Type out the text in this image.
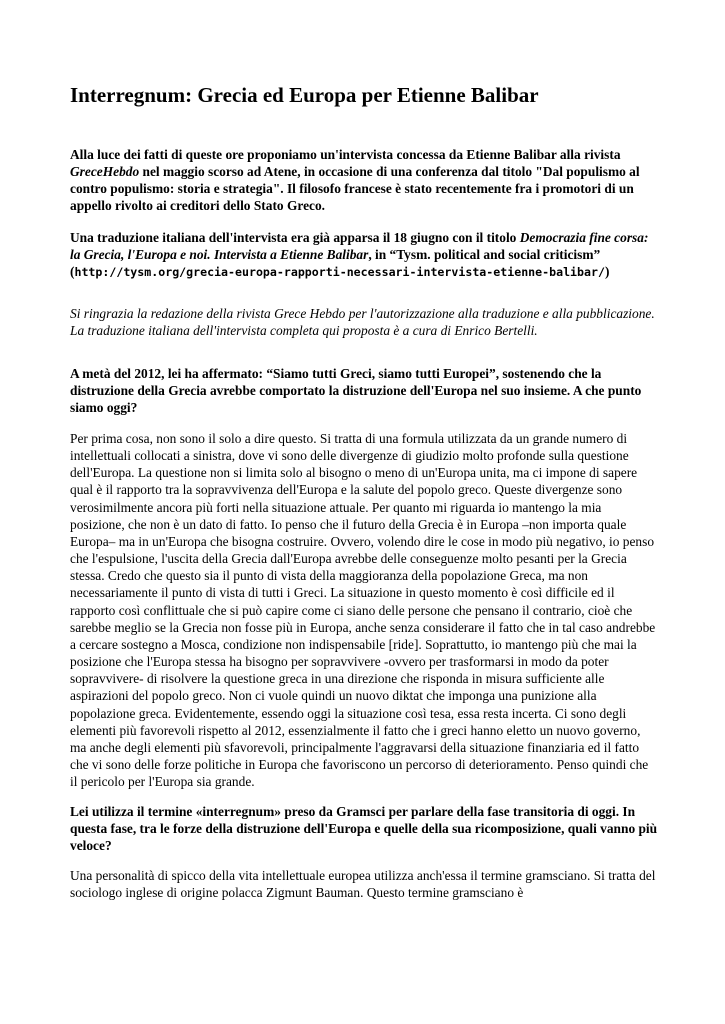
Interregnum: Grecia ed Europa per Etienne Balibar

Alla luce dei fatti di queste ore proponiamo un'intervista concessa da Etienne Balibar alla rivista GreceHebdo nel maggio scorso ad Atene, in occasione di una conferenza dal titolo "Dal populismo al contro populismo: storia e strategia". Il filosofo francese è stato recentemente fra i promotori di un appello rivolto ai creditori dello Stato Greco.

Una traduzione italiana dell'intervista era già apparsa il 18 giugno con il titolo Democrazia fine corsa: la Grecia, l'Europa e noi. Intervista a Etienne Balibar, in “Tysm. political and social criticism” (http://tysm.org/grecia-europa-rapporti-necessari-intervista-etienne-balibar/)

Si ringrazia la redazione della rivista Grece Hebdo per l'autorizzazione alla traduzione e alla pubblicazione. La traduzione italiana dell'intervista completa qui proposta è a cura di Enrico Bertelli.

A metà del 2012, lei ha affermato: “Siamo tutti Greci, siamo tutti Europei”, sostenendo che la distruzione della Grecia avrebbe comportato la distruzione dell'Europa nel suo insieme. A che punto siamo oggi?

Per prima cosa, non sono il solo a dire questo. Si tratta di una formula utilizzata da un grande numero di intellettuali collocati a sinistra, dove vi sono delle divergenze di giudizio molto profonde sulla questione dell'Europa. La questione non si limita solo al bisogno o meno di un'Europa unita, ma ci impone di sapere qual è il rapporto tra la sopravvivenza dell'Europa e la salute del popolo greco. Queste divergenze sono verosimilmente ancora più forti nella situazione attuale. Per quanto mi riguarda io mantengo la mia posizione, che non è un dato di fatto. Io penso che il futuro della Grecia è in Europa –non importa quale Europa– ma in un'Europa che bisogna costruire. Ovvero, volendo dire le cose in modo più negativo, io penso che l'espulsione, l'uscita della Grecia dall'Europa avrebbe delle conseguenze molto pesanti per la Grecia stessa. Credo che questo sia il punto di vista della maggioranza della popolazione Greca, ma non necessariamente il punto di vista di tutti i Greci. La situazione in questo momento è così difficile ed il rapporto così conflittuale che si può capire come ci siano delle persone che pensano il contrario, cioè che sarebbe meglio se la Grecia non fosse più in Europa, anche senza considerare il fatto che in tal caso andrebbe a cercare sostegno a Mosca, condizione non indispensabile [ride]. Soprattutto, io mantengo più che mai la posizione che l'Europa stessa ha bisogno per sopravvivere -ovvero per trasformarsi in modo da poter sopravvivere- di risolvere la questione greca in una direzione che risponda in misura sufficiente alle aspirazioni del popolo greco. Non ci vuole quindi un nuovo diktat che imponga una punizione alla popolazione greca. Evidentemente, essendo oggi la situazione così tesa, essa resta incerta. Ci sono degli elementi più favorevoli rispetto al 2012, essenzialmente il fatto che i greci hanno eletto un nuovo governo, ma anche degli elementi più sfavorevoli, principalmente l'aggravarsi della situazione finanziaria ed il fatto che vi sono delle forze politiche in Europa che favoriscono un percorso di deterioramento. Penso quindi che il pericolo per l'Europa sia grande.

Lei utilizza il termine «interregnum» preso da Gramsci per parlare della fase transitoria di oggi. In questa fase, tra le forze della distruzione dell'Europa e quelle della sua ricomposizione, quali vanno più veloce?

Una personalità di spicco della vita intellettuale europea utilizza anch'essa il termine gramsciano. Si tratta del sociologo inglese di origine polacca Zigmunt Bauman. Questo termine gramsciano è
